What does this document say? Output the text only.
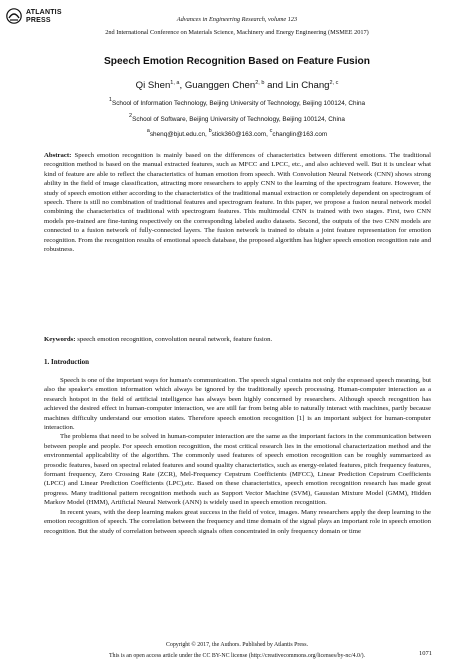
ATLANTIS
PRESS	Advances in Engineering Research, volume 123
2nd International Conference on Materials Science, Machinery and Energy Engineering (MSMEE 2017)
Speech Emotion Recognition Based on Feature Fusion
Qi Shen$^{1, a}$, Guanggen Chen$^{2, b}$ and Lin Chang$^{2, c}$
$^1$School of Information Technology, Beijing University of Technology, Beijing 100124, China
$^2$School of Software, Beijing University of Technology, Beijing 100124, China
$^a$shenq@bjut.edu.cn, $^b$stick360@163.com, $^c$changlin@163.com
Abstract: Speech emotion recognition is mainly based on the differences of characteristics between different emotions. The traditional recognition method is based on the manual extracted features, such as MFCC and LPCC, etc., and also achieved well. But it is unclear what kind of feature are able to reflect the characteristics of human emotion from speech. With Convolution Neural Network (CNN) shows strong ability in the field of image classification, attracting more researchers to apply CNN to the learning of the spectrogram feature. However, the study of speech emotion either according to the characteristics of the traditional manual extraction or completely dependent on spectrogram of speech. There is still no combination of traditional features and spectrogram feature. In this paper, we propose a fusion neural network model combining the characteristics of traditional with spectrogram features. This multimodal CNN is trained with two stages. First, two CNN models pre-trained are fine-tuning respectively on the corresponding labeled audio datasets. Second, the outputs of the two CNN models are connected to a fusion network of fully-connected layers. The fusion network is trained to obtain a joint feature representation for emotion recognition. From the recognition results of emotional speech database, the proposed algorithm has higher speech emotion recognition rate and robustness.
Keywords: speech emotion recognition, convolution neural network, feature fusion.
1. Introduction

Speech is one of the important ways for human's communication. The speech signal contains not only the expressed speech meaning, but also the speaker's emotion information which always be ignored by the traditionally speech processing. Human-computer interaction as a research hotspot in the field of artificial intelligence has always been highly concerned by researchers. Although speech recognition has achieved the desired effect in human-computer interaction, we are still far from being able to naturally interact with machines, partly because machines difficulty understand our emotion states. Therefore speech emotion recognition [1] is an important subject for human-computer interaction.

The problems that need to be solved in human-computer interaction are the same as the important factors in the communication between between people and people. For speech emotion recognition, the most critical research lies in the emotional characterization method and the environmental applicability of the algorithm. The commonly used features of speech emotion recognition can be roughly summarized as prosodic features, based on spectral related features and sound quality characteristics, such as energy-related features, pitch frequency features, formant frequency, Zero Crossing Rate (ZCR), Mel-Frequency Cepstrum Coefficients (MFCC), Linear Prediction Cepstrum Coefficients (LPCC) and Linear Prediction Coefficients (LPC),etc. Based on these characteristics, speech emotion recognition research has made great progress. Many traditional pattern recognition methods such as Support Vector Machine (SVM), Gaussian Mixture Model (GMM), Hidden Markov Model (HMM), Artificial Neural Network (ANN) is widely used in speech emotion recognition.

In recent years, with the deep learning makes great success in the field of voice, images. Many researchers apply the deep learning to the emotion recognition of speech. The correlation between the frequency and time domain of the signal plays an important role in speech emotion recognition. But the study of correlation between speech signals often concentrated in only frequency domain or time

Copyright © 2017, the Authors. Published by Atlantis Press.
This is an open access article under the CC BY-NC license (http://creativecommons.org/licenses/by-nc/4.0/).	1071
